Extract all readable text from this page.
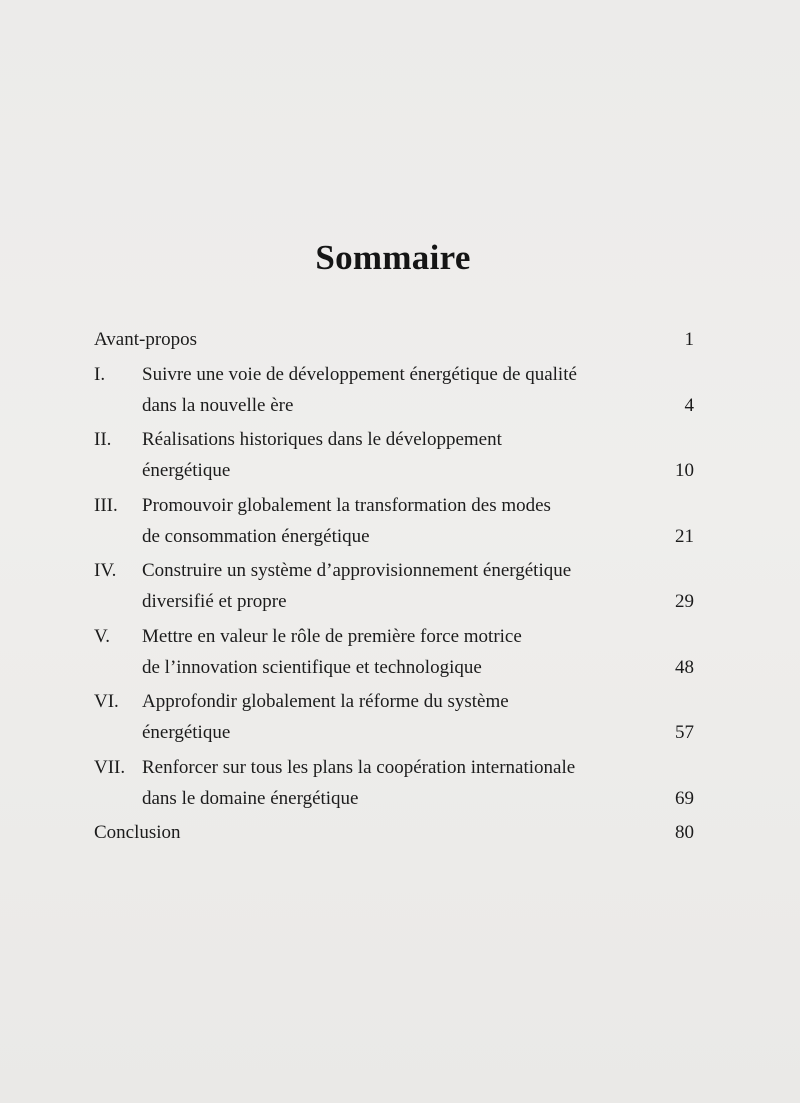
Sommaire
Avant-propos	1
I. Suivre une voie de développement énergétique de qualité
dans la nouvelle ère	4
II. Réalisations historiques dans le développement
énergétique	10
III. Promouvoir globalement la transformation des modes
de consommation énergétique	21
IV. Construire un système d’approvisionnement énergétique
diversifié et propre	29
V. Mettre en valeur le rôle de première force motrice
de l’innovation scientifique et technologique	48
VI. Approfondir globalement la réforme du système
énergétique	57
VII. Renforcer sur tous les plans la coopération internationale
dans le domaine énergétique	69
Conclusion	80
